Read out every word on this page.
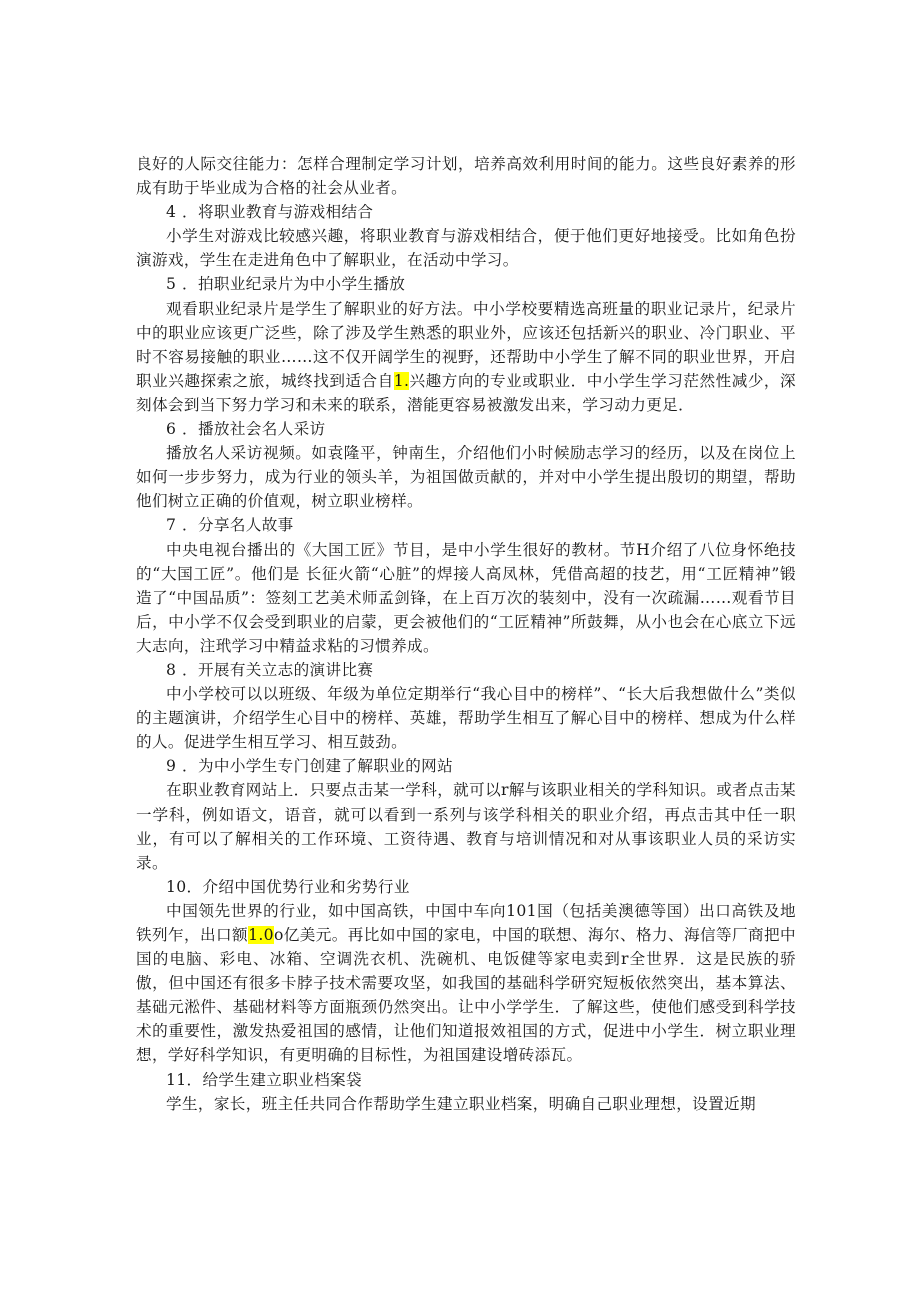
良好的人际交往能力：怎样合理制定学习计划，培养高效利用时间的能力。这些良好素养的形成有助于毕业成为合格的社会从业者。

4 ．将职业教育与游戏相结合

小学生对游戏比较感兴趣，将职业教育与游戏相结合，便于他们更好地接受。比如角色扮演游戏，学生在走进角色中了解职业，在活动中学习。

5 ．拍职业纪录片为中小学生播放

观看职业纪录片是学生了解职业的好方法。中小学校要精选高班量的职业记录片，纪录片中的职业应该更广泛些，除了涉及学生熟悉的职业外，应该还包括新兴的职业、冷门职业、平时不容易接触的职业……这不仅开阔学生的视野，还帮助中小学生了解不同的职业世界，开启职业兴趣探索之旅，城终找到适合自1.兴趣方向的专业或职业．中小学生学习茫然性减少，深刻体会到当下努力学习和未来的联系，潜能更容易被激发出来，学习动力更足．

6 ．播放社会名人采访

播放名人采访视频。如袁隆平，钟南生，介绍他们小时候励志学习的经历，以及在岗位上如何一步步努力，成为行业的领头羊，为祖国做贡献的，并对中小学生提出殷切的期望，帮助他们树立正确的价值观，树立职业榜样。

7 ．分享名人故事

中央电视台播出的《大国工匠》节目，是中小学生很好的教材。节H介绍了八位身怀绝技的“大国工匠”。他们是 长征火箭“心脏”的焊接人高凤林，凭借高超的技艺，用“工匠精神”锻造了“中国品质”：签刻工艺美术师孟剑锋，在上百万次的装刻中，没有一次疏漏……观看节目后，中小学不仅会受到职业的启蒙，更会被他们的“工匠精神”所鼓舞，从小也会在心底立下远大志向，注玳学习中精益求粘的习惯养成。

8 ．开展有关立志的演讲比赛

中小学校可以以班级、年级为单位定期举行“我心目中的榜样”、“长大后我想做什么”类似的主题演讲，介绍学生心目中的榜样、英雄，帮助学生相互了解心目中的榜样、想成为什么样的人。促进学生相互学习、相互鼓劲。

9 ．为中小学生专门创建了解职业的网站

在职业教育网站上．只要点击某一学科，就可以r解与该职业相关的学科知识。或者点击某一学科，例如语文，语音，就可以看到一系列与该学科相关的职业介绍，再点击其中任一职业，有可以了解相关的工作环境、工资待遇、教育与培训情况和对从事该职业人员的采访实录。

10．介绍中国优势行业和劣势行业

中国领先世界的行业，如中国高铁，中国中车向101国（包括美澳德等国）出口高铁及地铁列乍，出口额1.0o亿美元。再比如中国的家电，中国的联想、海尔、格力、海信等厂商把中国的电脑、彩电、冰箱、空调洗衣机、洗碗机、电饭健等家电卖到r全世界．这是民族的骄傲，但中国还有很多卡脖子技术需要攻坚，如我国的基础科学研究短板依然突出，基本算法、基础元淞件、基础材料等方面瓶颈仍然突出。让中小学学生．了解这些，使他们感受到科学技术的重要性，激发热爱祖国的感情，让他们知道报效祖国的方式，促进中小学生．树立职业理想，学好科学知识，有更明确的目标性，为祖国建设增砖添瓦。

11．给学生建立职业档案袋

学生，家长，班主任共同合作帮助学生建立职业档案，明确自己职业理想，设置近期
